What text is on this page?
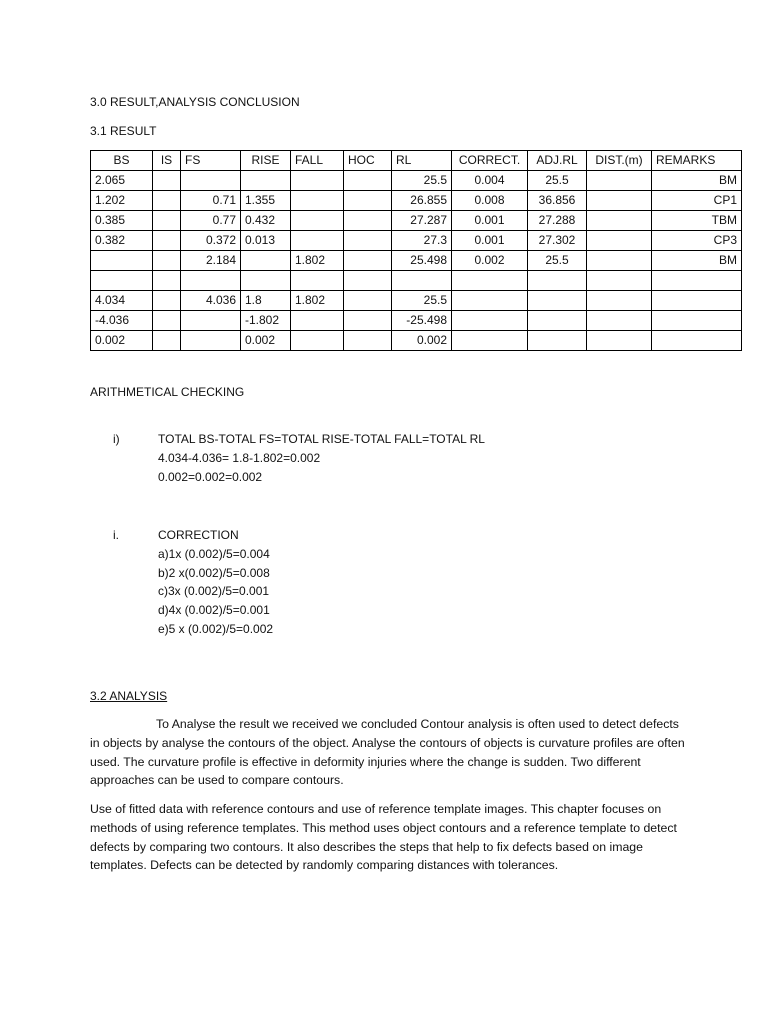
3.0 RESULT,ANALYSIS CONCLUSION
3.1 RESULT
BS	IS	FS	RISE	FALL	HOC	RL	CORRECT.	ADJ.RL	DIST.(m)	REMARKS
2.065						25.5	0.004	25.5		BM
1.202		0.71	1.355			26.855	0.008	36.856		CP1
0.385		0.77	0.432			27.287	0.001	27.288		TBM
0.382		0.372	0.013			27.3	0.001	27.302		CP3
		2.184		1.802		25.498	0.002	25.5		BM

4.034		4.036	1.8	1.802		25.5				
-4.036			-1.802			-25.498				
0.002			0.002			0.002				
ARITHMETICAL CHECKING
i)	TOTAL BS-TOTAL FS=TOTAL RISE-TOTAL FALL=TOTAL RL
4.034-4.036= 1.8-1.802=0.002
0.002=0.002=0.002
i.	CORRECTION
a)1x (0.002)/5=0.004
b)2 x(0.002)/5=0.008
c)3x (0.002)/5=0.001
d)4x (0.002)/5=0.001
e)5 x (0.002)/5=0.002
3.2 ANALYSIS

To Analyse the result we received we concluded Contour analysis is often used to detect defects in objects by analyse the contours of the object. Analyse the contours of objects is curvature profiles are often used. The curvature profile is effective in deformity injuries where the change is sudden. Two different approaches can be used to compare contours.

Use of fitted data with reference contours and use of reference template images. This chapter focuses on methods of using reference templates. This method uses object contours and a reference template to detect defects by comparing two contours. It also describes the steps that help to fix defects based on image templates. Defects can be detected by randomly comparing distances with tolerances.
